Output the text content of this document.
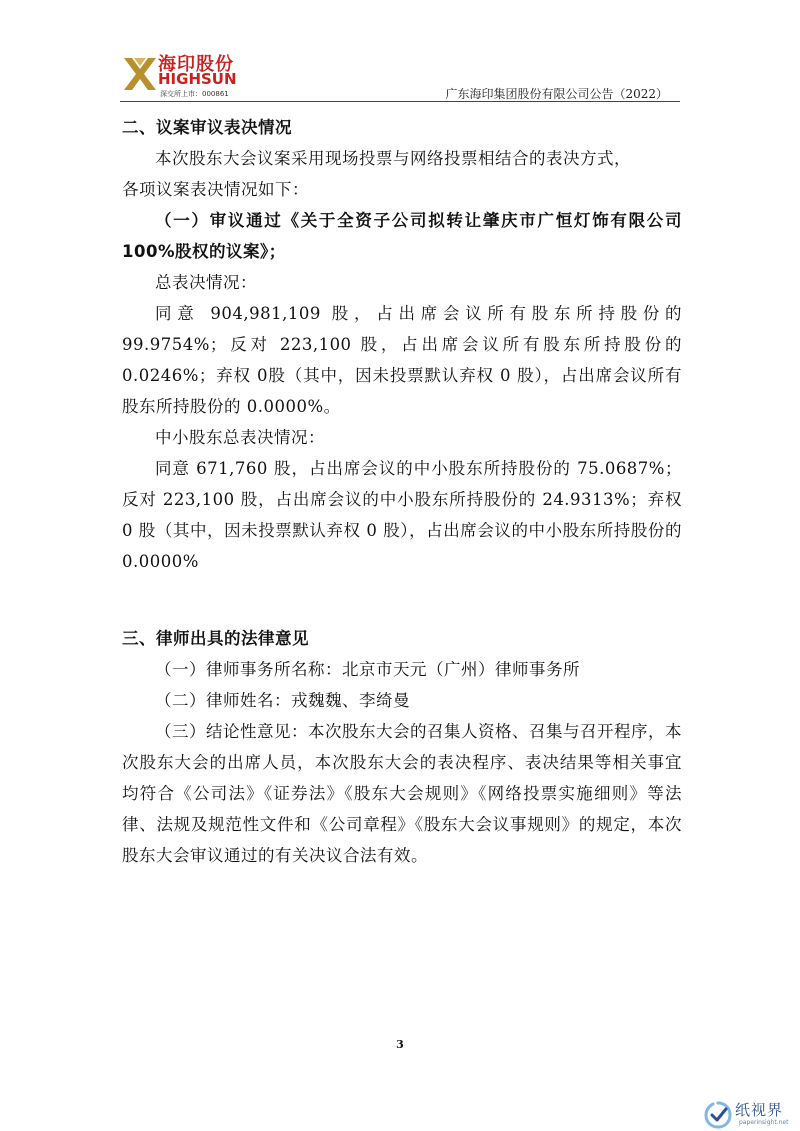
海印股份
HIGHSUN
深交所上市：000861	广东海印集团股份有限公司公告（2022）

二、议案审议表决情况

本次股东大会议案采用现场投票与网络投票相结合的表决方式，

各项议案表决情况如下：

（一）审议通过《关于全资子公司拟转让肇庆市广恒灯饰有限公司 100%股权的议案》；

总表决情况：

同意 904,981,109 股，占出席会议所有股东所持股份的 99.9754%；反对 223,100 股，占出席会议所有股东所持股份的 0.0246%；弃权 0股（其中，因未投票默认弃权 0 股），占出席会议所有股东所持股份的 0.0000%。

中小股东总表决情况：

同意 671,760 股，占出席会议的中小股东所持股份的 75.0687%；反对 223,100 股，占出席会议的中小股东所持股份的 24.9313%；弃权 0 股（其中，因未投票默认弃权 0 股），占出席会议的中小股东所持股份的 0.0000%

三、律师出具的法律意见

（一）律师事务所名称：北京市天元（广州）律师事务所

（二）律师姓名：戎魏魏、李绮曼

（三）结论性意见：本次股东大会的召集人资格、召集与召开程序，本次股东大会的出席人员，本次股东大会的表决程序、表决结果等相关事宜均符合《公司法》《证券法》《股东大会规则》《网络投票实施细则》等法律、法规及规范性文件和《公司章程》《股东大会议事规则》的规定，本次股东大会审议通过的有关决议合法有效。

3
纸视界
paperinsight.net
